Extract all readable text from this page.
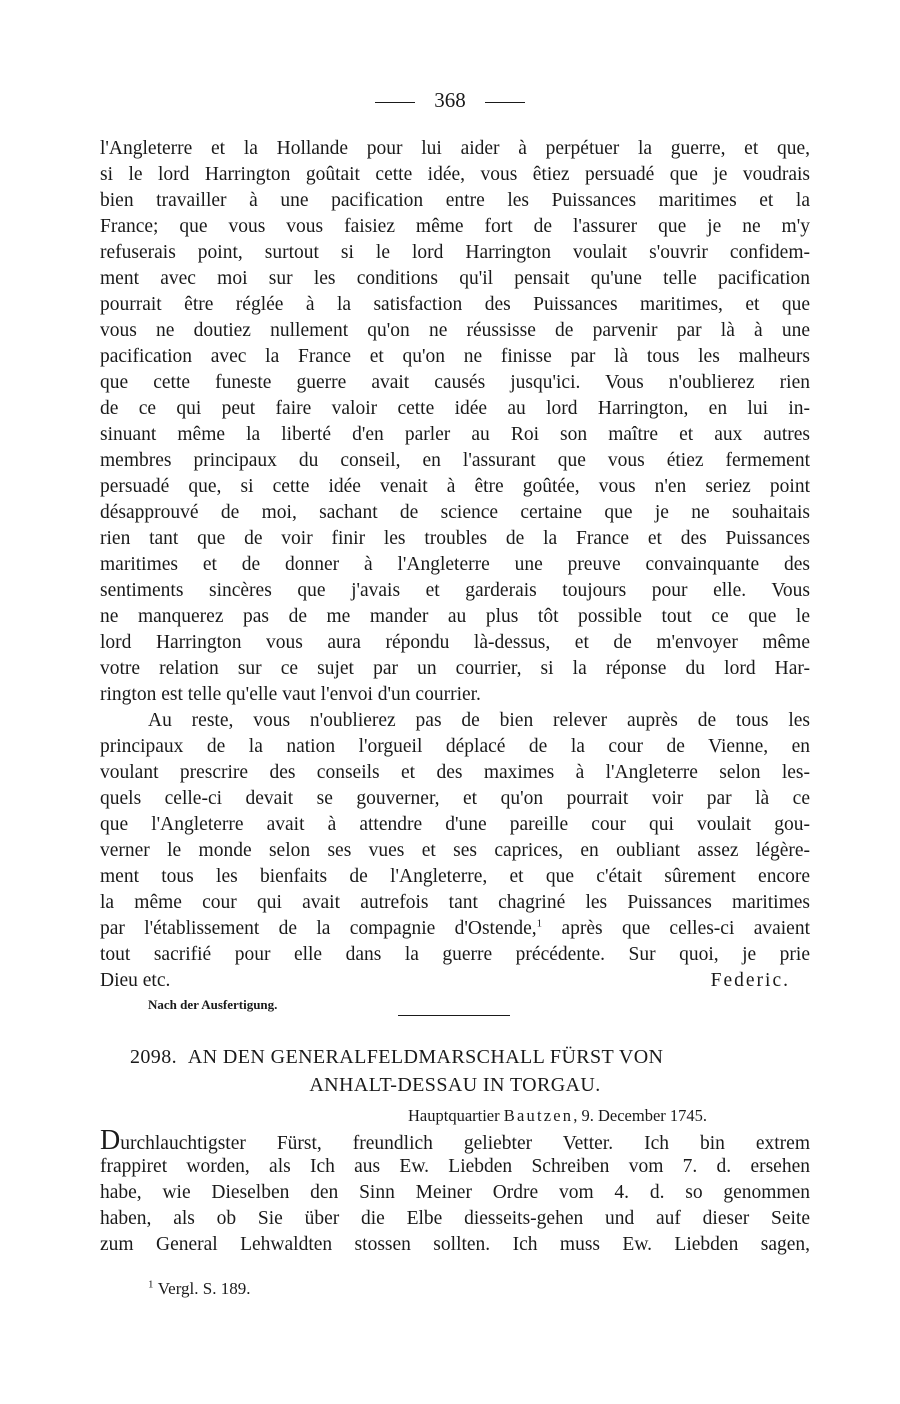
368
l'Angleterre et la Hollande pour lui aider à perpétuer la guerre, et que,
si le lord Harrington goûtait cette idée, vous êtiez persuadé que je voudrais
bien travailler à une pacification entre les Puissances maritimes et la
France; que vous vous faisiez même fort de l'assurer que je ne m'y
refuserais point, surtout si le lord Harrington voulait s'ouvrir confidem-
ment avec moi sur les conditions qu'il pensait qu'une telle pacification
pourrait être réglée à la satisfaction des Puissances maritimes, et que
vous ne doutiez nullement qu'on ne réussisse de parvenir par là à une
pacification avec la France et qu'on ne finisse par là tous les malheurs
que cette funeste guerre avait causés jusqu'ici. Vous n'oublierez rien
de ce qui peut faire valoir cette idée au lord Harrington, en lui in-
sinuant même la liberté d'en parler au Roi son maître et aux autres
membres principaux du conseil, en l'assurant que vous étiez fermement
persuadé que, si cette idée venait à être goûtée, vous n'en seriez point
désapprouvé de moi, sachant de science certaine que je ne souhaitais
rien tant que de voir finir les troubles de la France et des Puissances
maritimes et de donner à l'Angleterre une preuve convainquante des
sentiments sincères que j'avais et garderais toujours pour elle. Vous
ne manquerez pas de me mander au plus tôt possible tout ce que le
lord Harrington vous aura répondu là-dessus, et de m'envoyer même
votre relation sur ce sujet par un courrier, si la réponse du lord Har-
rington est telle qu'elle vaut l'envoi d'un courrier.
Au reste, vous n'oublierez pas de bien relever auprès de tous les
principaux de la nation l'orgueil déplacé de la cour de Vienne, en
voulant prescrire des conseils et des maximes à l'Angleterre selon les-
quels celle-ci devait se gouverner, et qu'on pourrait voir par là ce
que l'Angleterre avait à attendre d'une pareille cour qui voulait gou-
verner le monde selon ses vues et ses caprices, en oubliant assez légère-
ment tous les bienfaits de l'Angleterre, et que c'était sûrement encore
la même cour qui avait autrefois tant chagriné les Puissances maritimes
par l'établissement de la compagnie d'Ostende,$^1$ après que celles-ci avaient
tout sacrifié pour elle dans la guerre précédente. Sur quoi, je prie
Dieu etc.	Federic.
Nach der Ausfertigung.
2098. AN DEN GENERALFELDMARSCHALL FÜRST VON
ANHALT-DESSAU IN TORGAU.
Hauptquartier Bautzen, 9. December 1745.
Durchlauchtigster Fürst, freundlich geliebter Vetter. Ich bin extrem
frappiret worden, als Ich aus Ew. Liebden Schreiben vom 7. d. ersehen
habe, wie Dieselben den Sinn Meiner Ordre vom 4. d. so genommen
haben, als ob Sie über die Elbe diesseits-gehen und auf dieser Seite
zum General Lehwaldten stossen sollten. Ich muss Ew. Liebden sagen,
$^1$ Vergl. S. 189.
